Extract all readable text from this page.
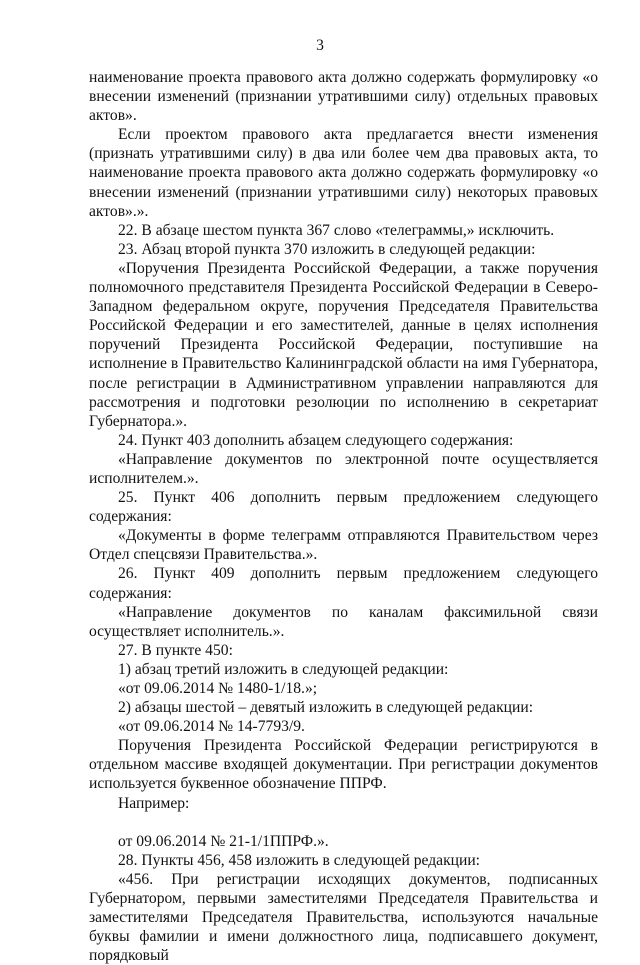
3

наименование проекта правового акта должно содержать формулировку «о внесении изменений (признании утратившими силу) отдельных правовых актов».

Если проектом правового акта предлагается внести изменения (признать утратившими силу) в два или более чем два правовых акта, то наименование проекта правового акта должно содержать формулировку «о внесении изменений (признании утратившими силу) некоторых правовых актов».».

22. В абзаце шестом пункта 367 слово «телеграммы,» исключить.

23. Абзац второй пункта 370 изложить в следующей редакции:

«Поручения Президента Российской Федерации, а также поручения полномочного представителя Президента Российской Федерации в Северо-Западном федеральном округе, поручения Председателя Правительства Российской Федерации и его заместителей, данные в целях исполнения поручений Президента Российской Федерации, поступившие на исполнение в Правительство Калининградской области на имя Губернатора, после регистрации в Административном управлении направляются для рассмотрения и подготовки резолюции по исполнению в секретариат Губернатора.».

24. Пункт 403 дополнить абзацем следующего содержания:

«Направление документов по электронной почте осуществляется исполнителем.».

25. Пункт 406 дополнить первым предложением следующего содержания:

«Документы в форме телеграмм отправляются Правительством через Отдел спецсвязи Правительства.».

26. Пункт 409 дополнить первым предложением следующего содержания:

«Направление документов по каналам факсимильной связи осуществляет исполнитель.».

27. В пункте 450:

1) абзац третий изложить в следующей редакции:

«от 09.06.2014 № 1480-1/18.»;

2) абзацы шестой – девятый изложить в следующей редакции:

«от 09.06.2014 № 14-7793/9.

Поручения Президента Российской Федерации регистрируются в отдельном массиве входящей документации. При регистрации документов используется буквенное обозначение ППРФ.

Например:

от 09.06.2014 № 21-1/1ППРФ.».

28. Пункты 456, 458 изложить в следующей редакции:

«456. При регистрации исходящих документов, подписанных Губернатором, первыми заместителями Председателя Правительства и заместителями Председателя Правительства, используются начальные буквы фамилии и имени должностного лица, подписавшего документ, порядковый
